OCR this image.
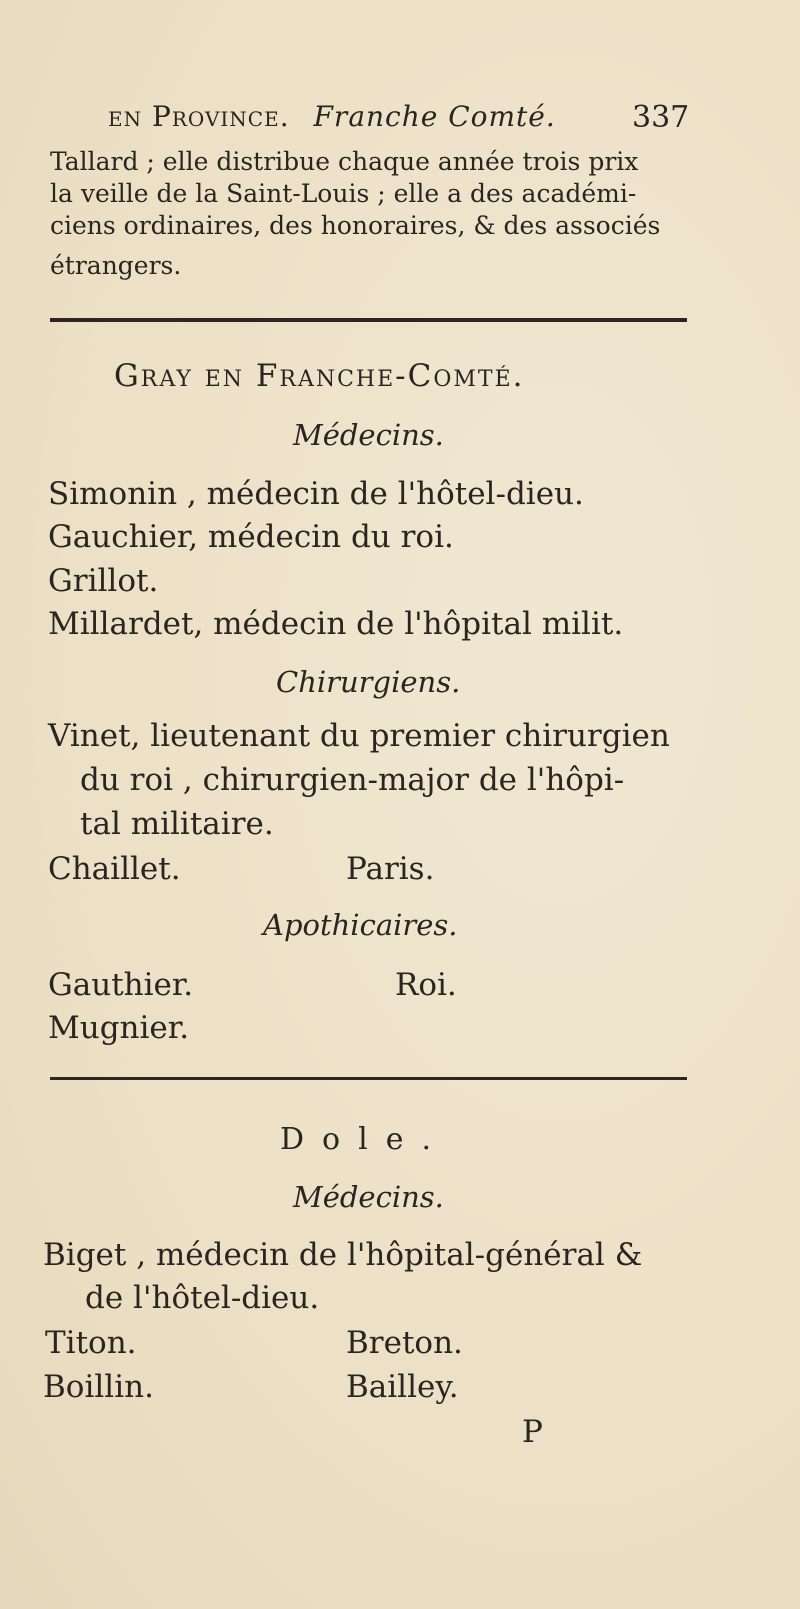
en Province. Franche Comté.	337
Tallard ; elle distribue chaque année trois prix
la veille de la Saint-Louis ; elle a des académi-
ciens ordinaires, des honoraires, & des associés
étrangers.
Gray en Franche-Comté.
Médecins.
Simonin , médecin de l'hôtel-dieu.
Gauchier, médecin du roi.
Grillot.
Millardet, médecin de l'hôpital milit.
Chirurgiens.
Vinet, lieutenant du premier chirurgien
du roi , chirurgien-major de l'hôpi-
tal militaire.
Chaillet.	Paris.
Apothicaires.
Gauthier.	Roi.
Mugnier.
Dole.
Médecins.
Biget , médecin de l'hôpital-général &
de l'hôtel-dieu.
Titon.	Breton.
Boillin.	Bailley.
P
